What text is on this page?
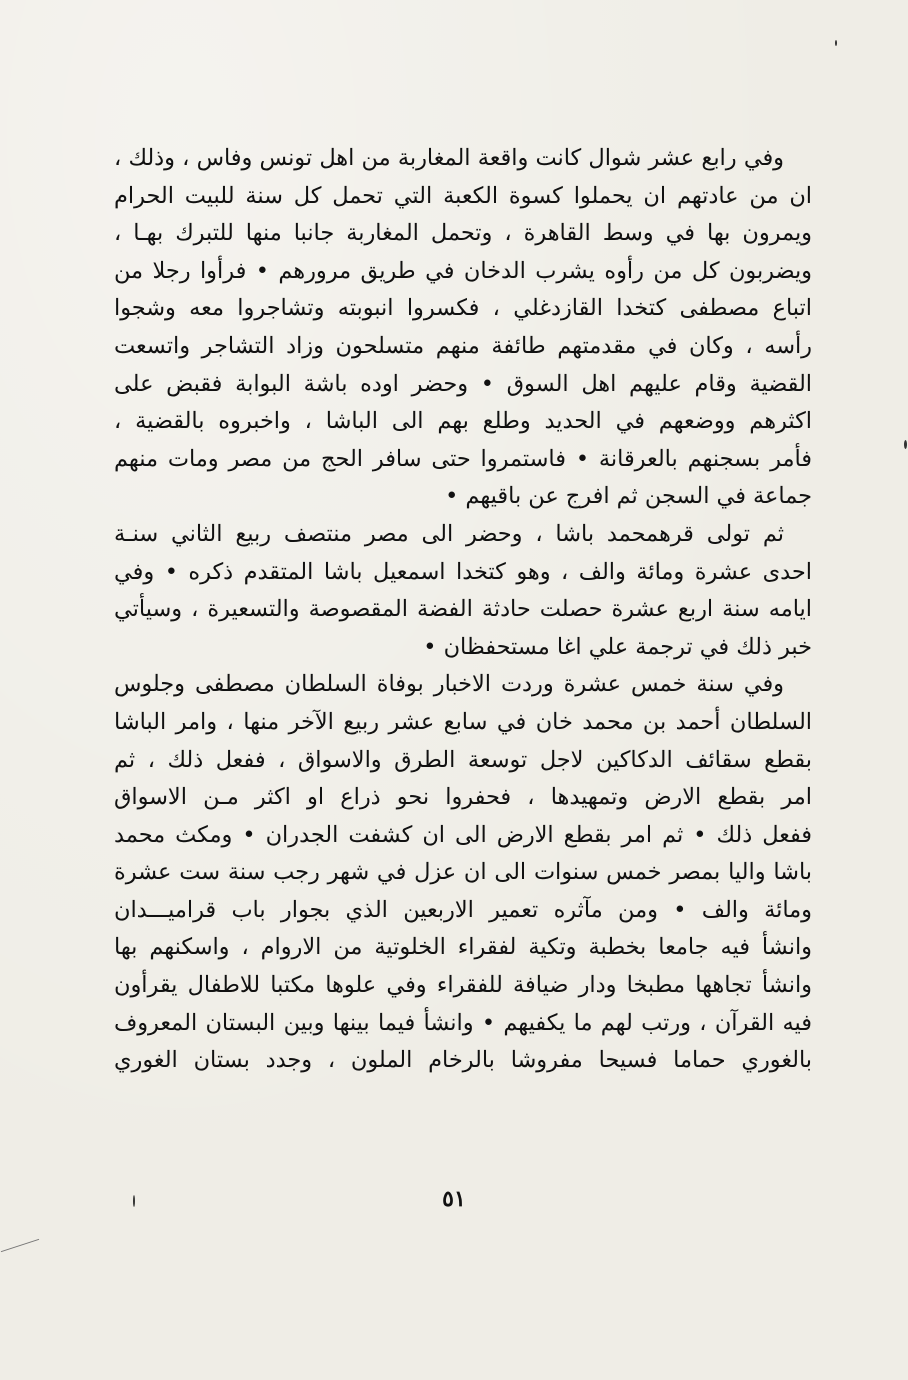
وفي رابع عشر شوال كانت واقعة المغاربة من اهل تونس وفاس ، وذلك ،
ان من عادتهم ان يحملوا كسوة الكعبة التي تحمل كل سنة للبيت الحرام
ويمرون بها في وسط القاهرة ، وتحمل المغاربة جانبا منها للتبرك بهـا ،
ويضربون كل من رأوه يشرب الدخان في طريق مرورهم • فرأوا رجلا من
اتباع مصطفى كتخدا القازدغلي ، فكسروا انبوبته وتشاجروا معه وشجوا
رأسه ، وكان في مقدمتهم طائفة منهم متسلحون وزاد التشاجر واتسعت
القضية وقام عليهم اهل السوق • وحضر اوده باشة البوابة فقبض على
اكثرهم ووضعهم في الحديد وطلع بهم الى الباشا ، واخبروه بالقضية ،
فأمر بسجنهم بالعرقانة • فاستمروا حتى سافر الحج من مصر ومات منهم
جماعة في السجن ثم افرج عن باقيهم •
ثم تولى قرهمحمد باشا ، وحضر الى مصر منتصف ربيع الثاني سنـة
احدى عشرة ومائة والف ، وهو كتخدا اسمعيل باشا المتقدم ذكره • وفي
ايامه سنة اربع عشرة حصلت حادثة الفضة المقصوصة والتسعيرة ، وسيأتي
خبر ذلك في ترجمة علي اغا مستحفظان •
وفي سنة خمس عشرة وردت الاخبار بوفاة السلطان مصطفى وجلوس
السلطان أحمد بن محمد خان في سابع عشر ربيع الآخر منها ، وامر الباشا
بقطع سقائف الدكاكين لاجل توسعة الطرق والاسواق ، ففعل ذلك ، ثم
امر بقطع الارض وتمهيدها ، فحفروا نحو ذراع او اكثر مـن الاسواق
ففعل ذلك • ثم امر بقطع الارض الى ان كشفت الجدران • ومكث محمد
باشا واليا بمصر خمس سنوات الى ان عزل في شهر رجب سنة ست عشرة
ومائة والف • ومن مآثره تعمير الاربعين الذي بجوار باب قراميـــدان
وانشأ فيه جامعا بخطبة وتكية لفقراء الخلوتية من الاروام ، واسكنهم بها
وانشأ تجاهها مطبخا ودار ضيافة للفقراء وفي علوها مكتبا للاطفال يقرأون
فيه القرآن ، ورتب لهم ما يكفيهم • وانشأ فيما بينها وبين البستان المعروف
بالغوري حماما فسيحا مفروشا بالرخام الملون ، وجدد بستان الغوري
٥١
